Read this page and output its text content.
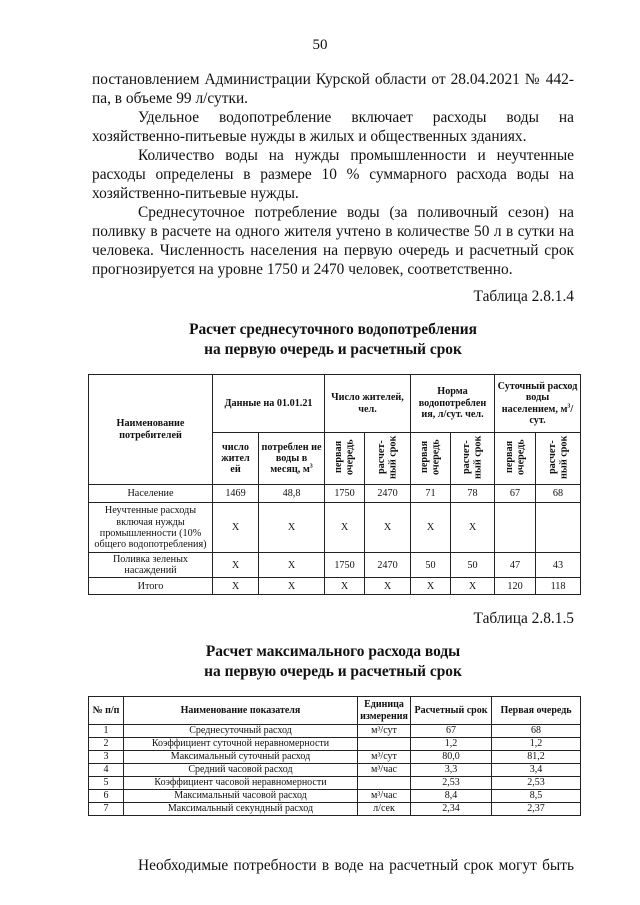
50

постановлением Администрации Курской области от 28.04.2021 № 442-па, в объеме 99 л/сутки.

Удельное водопотребление включает расходы воды на хозяйственно-питьевые нужды в жилых и общественных зданиях.

Количество воды на нужды промышленности и неучтенные расходы определены в размере 10 % суммарного расхода воды на хозяйственно-питьевые нужды.

Среднесуточное потребление воды (за поливочный сезон) на поливку в расчете на одного жителя учтено в количестве 50 л в сутки на человека. Численность населения на первую очередь и расчетный срок прогнозируется на уровне 1750 и 2470 человек, соответственно.

Таблица 2.8.1.4
Расчет среднесуточного водопотребления
на первую очередь и расчетный срок
Наименование потребителей	Данные на 01.01.21		Число жителей, чел.		Норма водопотреблен ия, л/сут. чел.		Суточный расход воды населением, $м^3$/сут.	
	число жител ей	потреблен ие воды в месяц, $м^3$	первая очередь	расчет-ный срок	первая очередь	расчет-ный срок	первая очередь	расчет-ный срок
Население	1469	48,8	1750	2470	71	78	67	68
Неучтенные расходы включая нужды промышленности (10% общего водопотребления)	X	X	X	X	X	X		
Поливка зеленых насаждений	X	X	1750	2470	50	50	47	43
Итого	X	X	X	X	X	X	120	118
Таблица 2.8.1.5
Расчет максимального расхода воды
на первую очередь и расчетный срок
№ п/п	Наименование показателя	Единица измерения	Расчетный срок	Первая очередь
1	Среднесуточный расход	м³/сут	67	68
2	Коэффициент суточной неравномерности		1,2	1,2
3	Максимальный суточный расход	м³/сут	80,0	81,2
4	Средний часовой расход	м³/час	3,3	3,4
5	Коэффициент часовой неравномерности		2,53	2,53
6	Максимальный часовой расход	м³/час	8,4	8,5
7	Максимальный секундный расход	л/сек	2,34	2,37

Необходимые потребности в воде на расчетный срок могут быть
